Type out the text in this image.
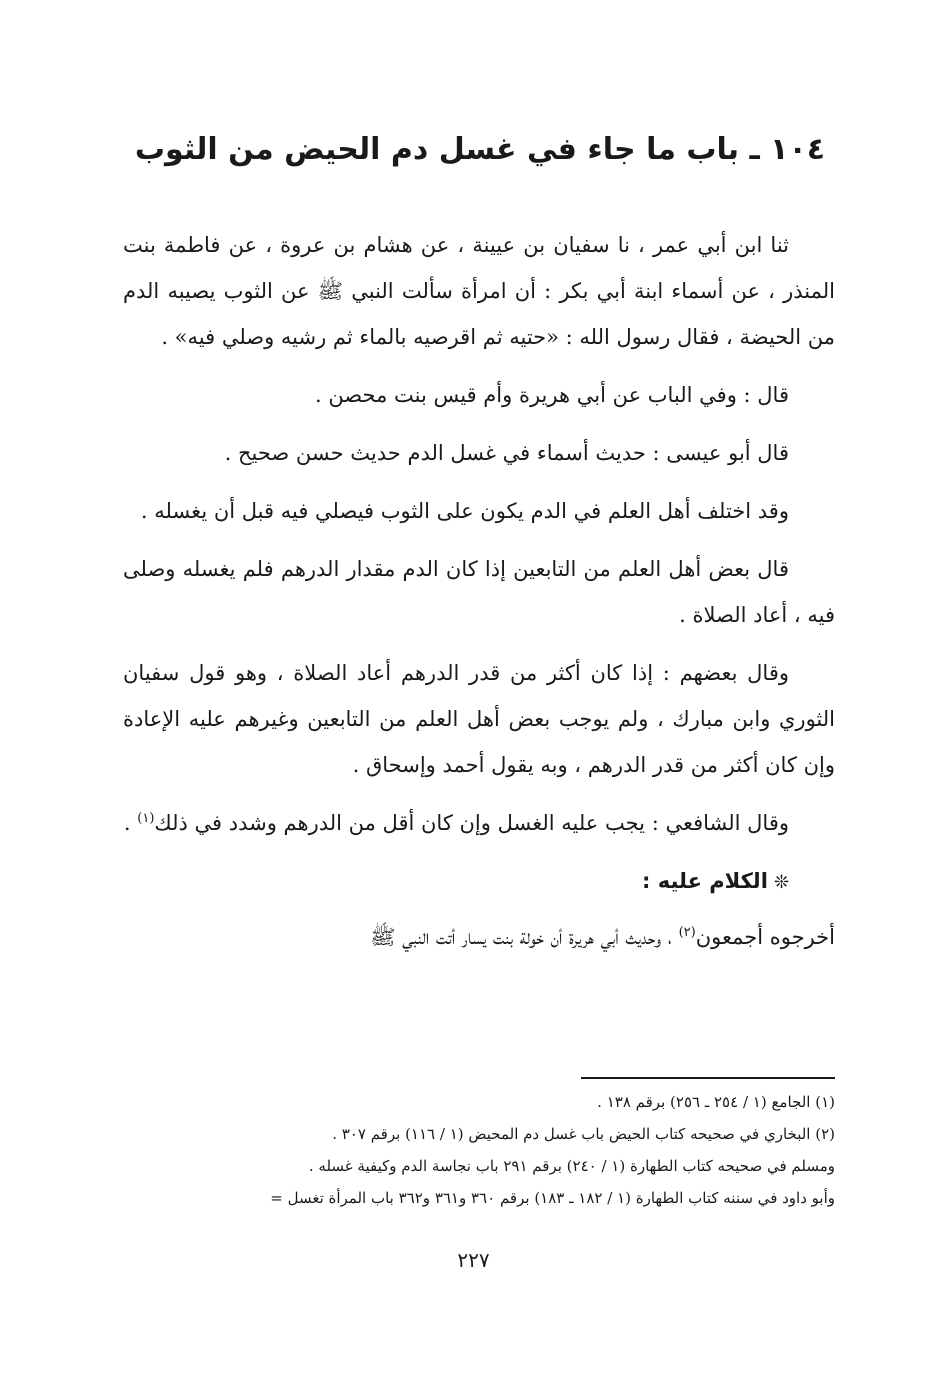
١٠٤ ـ باب ما جاء في غسل دم الحيض من الثوب

ثنا ابن أبي عمر ، نا سفيان بن عيينة ، عن هشام بن عروة ، عن فاطمة بنت المنذر ، عن أسماء ابنة أبي بكر : أن امرأة سألت النبي ﷺ عن الثوب يصيبه الدم من الحيضة ، فقال رسول الله : «حتيه ثم اقرصيه بالماء ثم رشيه وصلي فيه» .

قال : وفي الباب عن أبي هريرة وأم قيس بنت محصن .

قال أبو عيسى : حديث أسماء في غسل الدم حديث حسن صحيح .

وقد اختلف أهل العلم في الدم يكون على الثوب فيصلي فيه قبل أن يغسله .

قال بعض أهل العلم من التابعين إذا كان الدم مقدار الدرهم فلم يغسله وصلى فيه ، أعاد الصلاة .

وقال بعضهم : إذا كان أكثر من قدر الدرهم أعاد الصلاة ، وهو قول سفيان الثوري وابن مبارك ، ولم يوجب بعض أهل العلم من التابعين وغيرهم عليه الإعادة وإن كان أكثر من قدر الدرهم ، وبه يقول أحمد وإسحاق .

وقال الشافعي : يجب عليه الغسل وإن كان أقل من الدرهم وشدد في ذلك$^{(١)}$ .

❊الكلام عليه :

أخرجوه أجمعون$^{(٢)}$ ، وحديث أبي هريرة أن خولة بنت يسار أتت النبي ﷺ

(١) الجامع (١ / ٢٥٤ ـ ٢٥٦) برقم ١٣٨ .
(٢) البخاري في صحيحه كتاب الحيض باب غسل دم المحيض (١ / ١١٦) برقم ٣٠٧ .
ومسلم في صحيحه كتاب الطهارة (١ / ٢٤٠) برقم ٢٩١ باب نجاسة الدم وكيفية غسله .
وأبو داود في سننه كتاب الطهارة (١ / ١٨٢ ـ ١٨٣) برقم ٣٦٠ و٣٦١ و٣٦٢ باب المرأة تغسل =
٢٢٧
